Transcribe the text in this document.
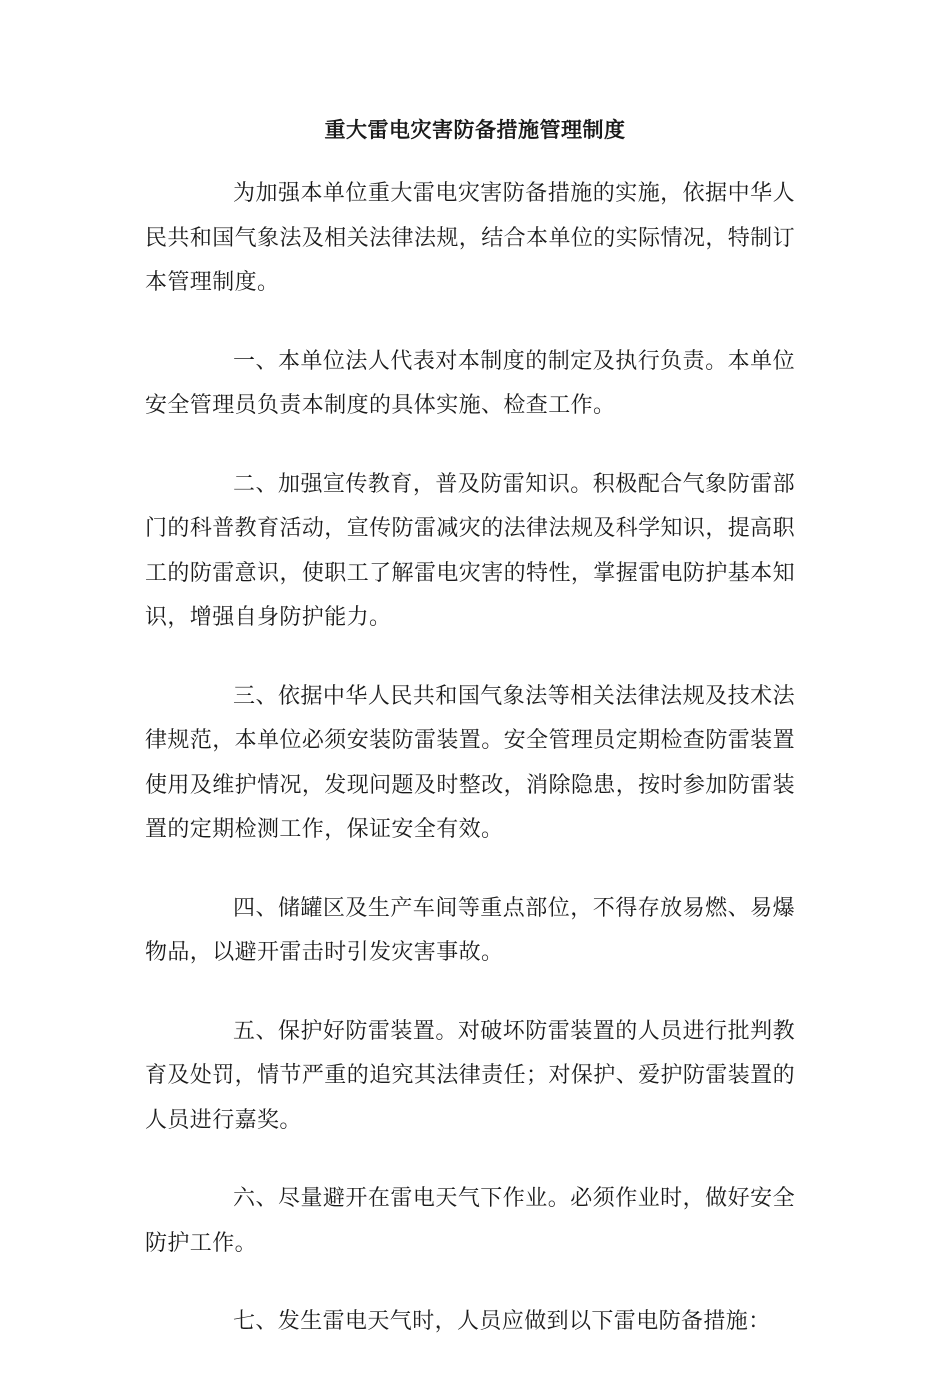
重大雷电灾害防备措施管理制度

为加强本单位重大雷电灾害防备措施的实施，依据中华人民共和国气象法及相关法律法规，结合本单位的实际情况，特制订本管理制度。

一、本单位法人代表对本制度的制定及执行负责。本单位安全管理员负责本制度的具体实施、检查工作。

二、加强宣传教育，普及防雷知识。积极配合气象防雷部门的科普教育活动，宣传防雷减灾的法律法规及科学知识，提高职工的防雷意识，使职工了解雷电灾害的特性，掌握雷电防护基本知识，增强自身防护能力。

三、依据中华人民共和国气象法等相关法律法规及技术法律规范，本单位必须安装防雷装置。安全管理员定期检查防雷装置使用及维护情况，发现问题及时整改，消除隐患，按时参加防雷装置的定期检测工作，保证安全有效。

四、储罐区及生产车间等重点部位，不得存放易燃、易爆物品，以避开雷击时引发灾害事故。

五、保护好防雷装置。对破坏防雷装置的人员进行批判教育及处罚，情节严重的追究其法律责任；对保护、爱护防雷装置的人员进行嘉奖。

六、尽量避开在雷电天气下作业。必须作业时，做好安全防护工作。

七、发生雷电天气时，人员应做到以下雷电防备措施：
